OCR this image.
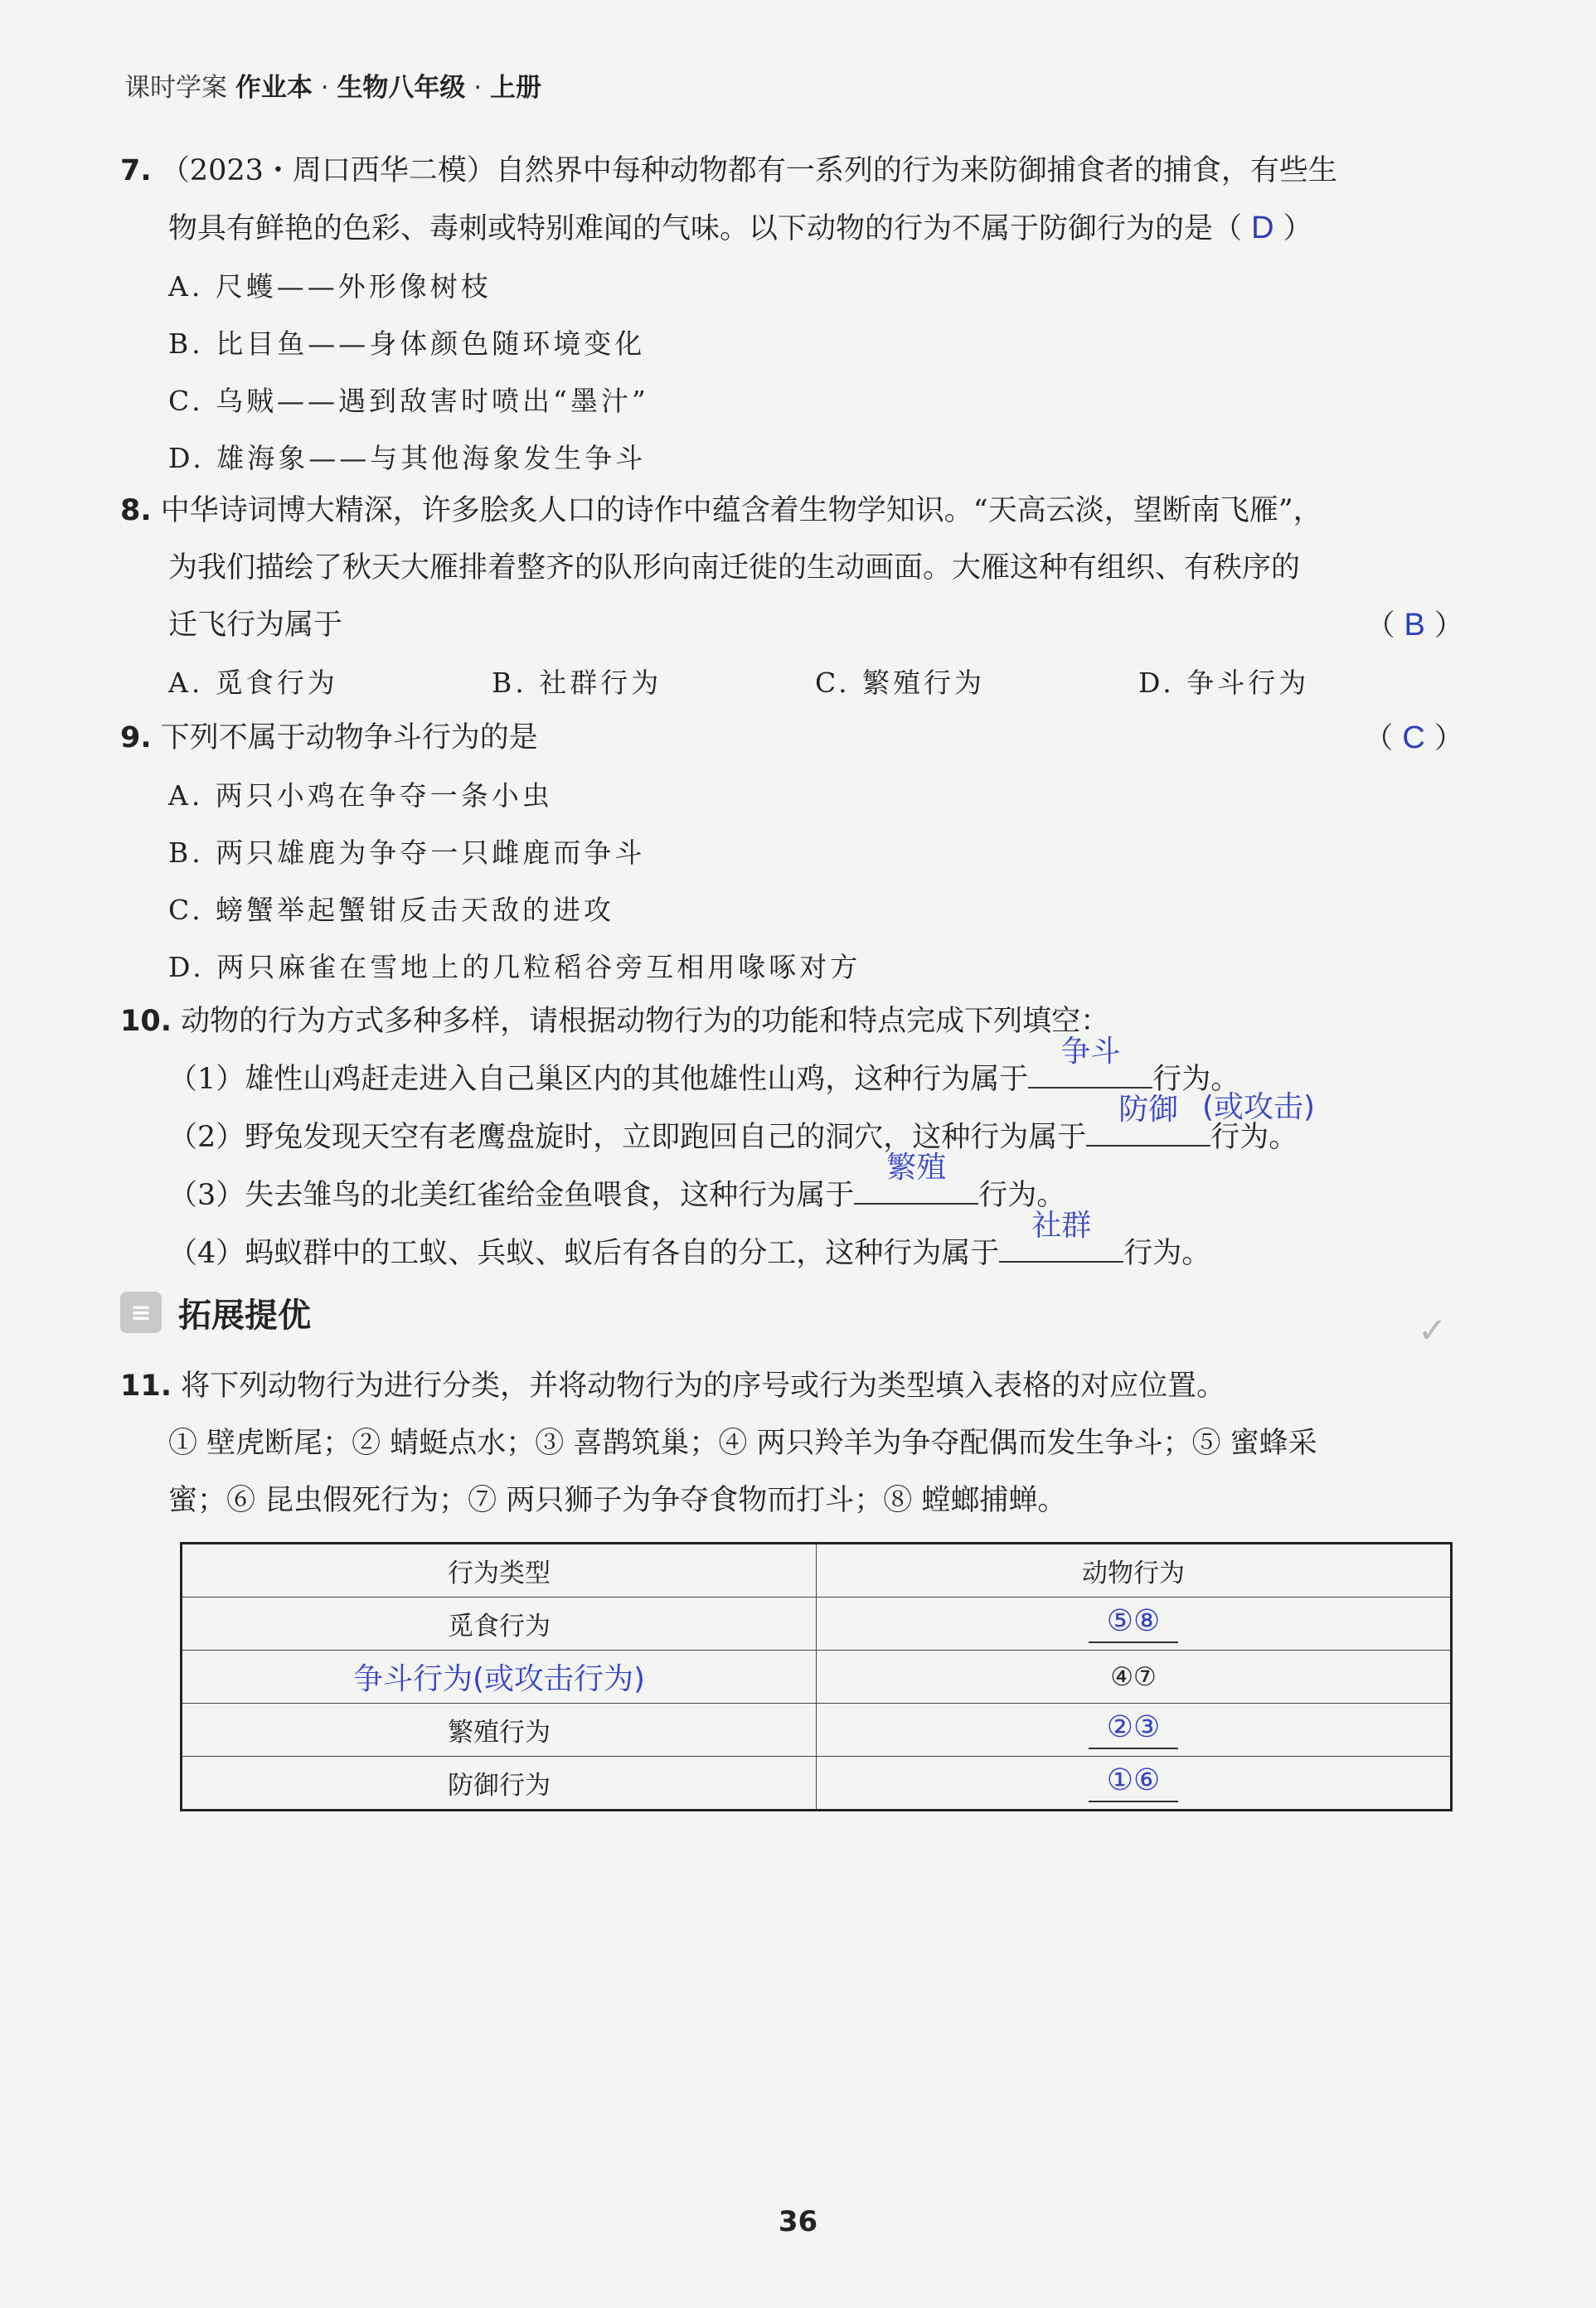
课时学案 作业本 · 生物八年级 · 上册
7. （2023・周口西华二模）自然界中每种动物都有一系列的行为来防御捕食者的捕食，有些生
物具有鲜艳的色彩、毒刺或特别难闻的气味。以下动物的行为不属于防御行为的是（ D ）
A. 尺蠖——外形像树枝
B. 比目鱼——身体颜色随环境变化
C. 乌贼——遇到敌害时喷出“墨汁”
D. 雄海象——与其他海象发生争斗
8. 中华诗词博大精深，许多脍炙人口的诗作中蕴含着生物学知识。“天高云淡，望断南飞雁”，
为我们描绘了秋天大雁排着整齐的队形向南迁徙的生动画面。大雁这种有组织、有秩序的
迁飞行为属于	（ B ）
A. 觅食行为	B. 社群行为	C. 繁殖行为	D. 争斗行为
9. 下列不属于动物争斗行为的是	（ C ）
A. 两只小鸡在争夺一条小虫
B. 两只雄鹿为争夺一只雌鹿而争斗
C. 螃蟹举起蟹钳反击天敌的进攻
D. 两只麻雀在雪地上的几粒稻谷旁互相用喙啄对方
10. 动物的行为方式多种多样，请根据动物行为的功能和特点完成下列填空：
（1）雄性山鸡赶走进入自己巢区内的其他雄性山鸡，这种行为属于
争斗
行为。
（2）野兔发现天空有老鹰盘旋时，立即跑回自己的洞穴，这种行为属于
防御
行为。
(或攻击)
（3）失去雏鸟的北美红雀给金鱼喂食，这种行为属于
繁殖
行为。
（4）蚂蚁群中的工蚁、兵蚁、蚁后有各自的分工，这种行为属于
社群
行为。
≡ 拓展提优	✓
11. 将下列动物行为进行分类，并将动物行为的序号或行为类型填入表格的对应位置。
① 壁虎断尾；② 蜻蜓点水；③ 喜鹊筑巢；④ 两只羚羊为争夺配偶而发生争斗；⑤ 蜜蜂采
蜜；⑥ 昆虫假死行为；⑦ 两只狮子为争夺食物而打斗；⑧ 螳螂捕蝉。
行为类型	动物行为
觅食行为	⑤⑧
争斗行为(或攻击行为)	④⑦
繁殖行为	②③
防御行为	①⑥
36
